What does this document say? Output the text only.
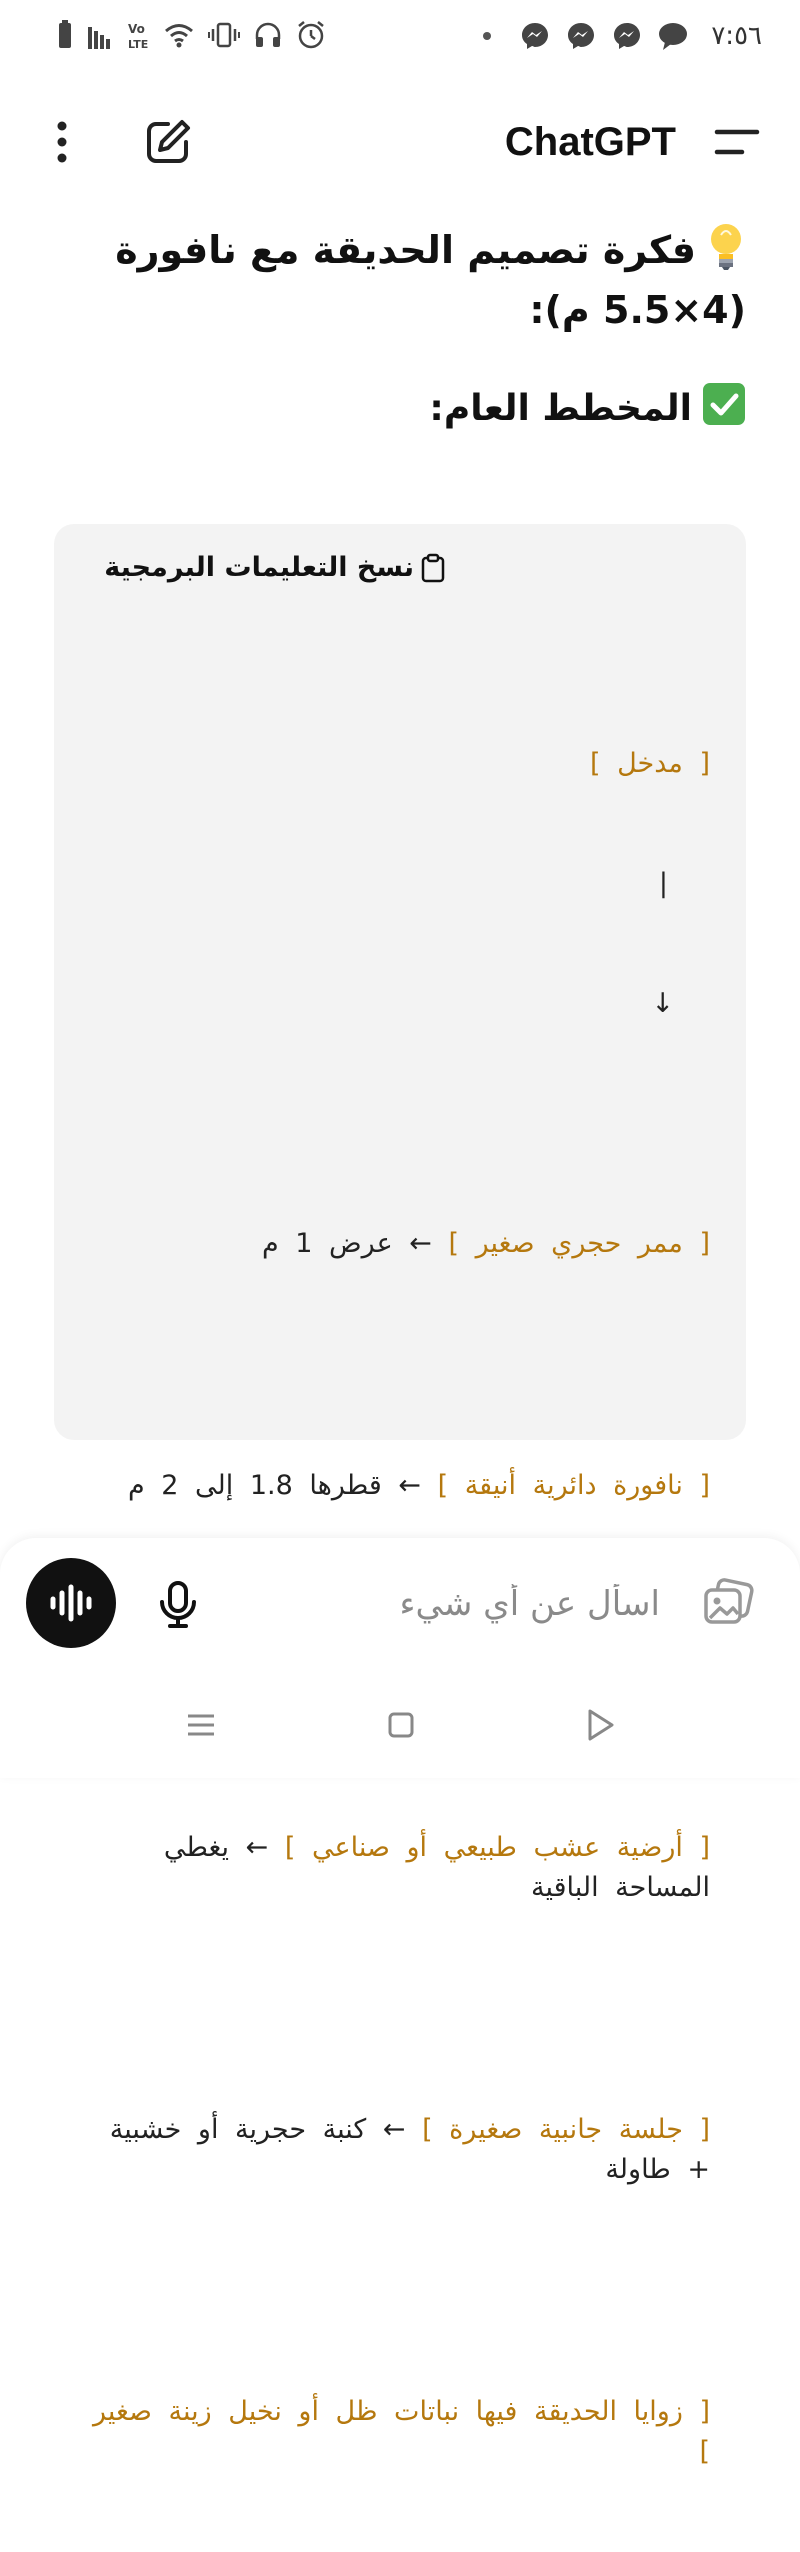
Vo
LTE	٧:٥٦
ChatGPT
فكرة تصميم الحديقة مع نافورة (4×5.5 م):
المخطط العام:
نسخ التعليمات البرمجية

[ مدخل ]

|

↓

[ ممر حجري صغير ] ← عرض 1 م

[ نافورة دائرية أنيقة ] ← قطرها 1.8 إلى 2 م

[ أرضية عشب طبيعي أو صناعي ] ← يغطي المساحة الباقية

[ جلسة جانبية صغيرة ] ← كنبة حجرية أو خشبية + طاولة

[ زوايا الحديقة فيها نباتات ظل أو نخيل زينة صغير ]

اسأل عن أي شيء
